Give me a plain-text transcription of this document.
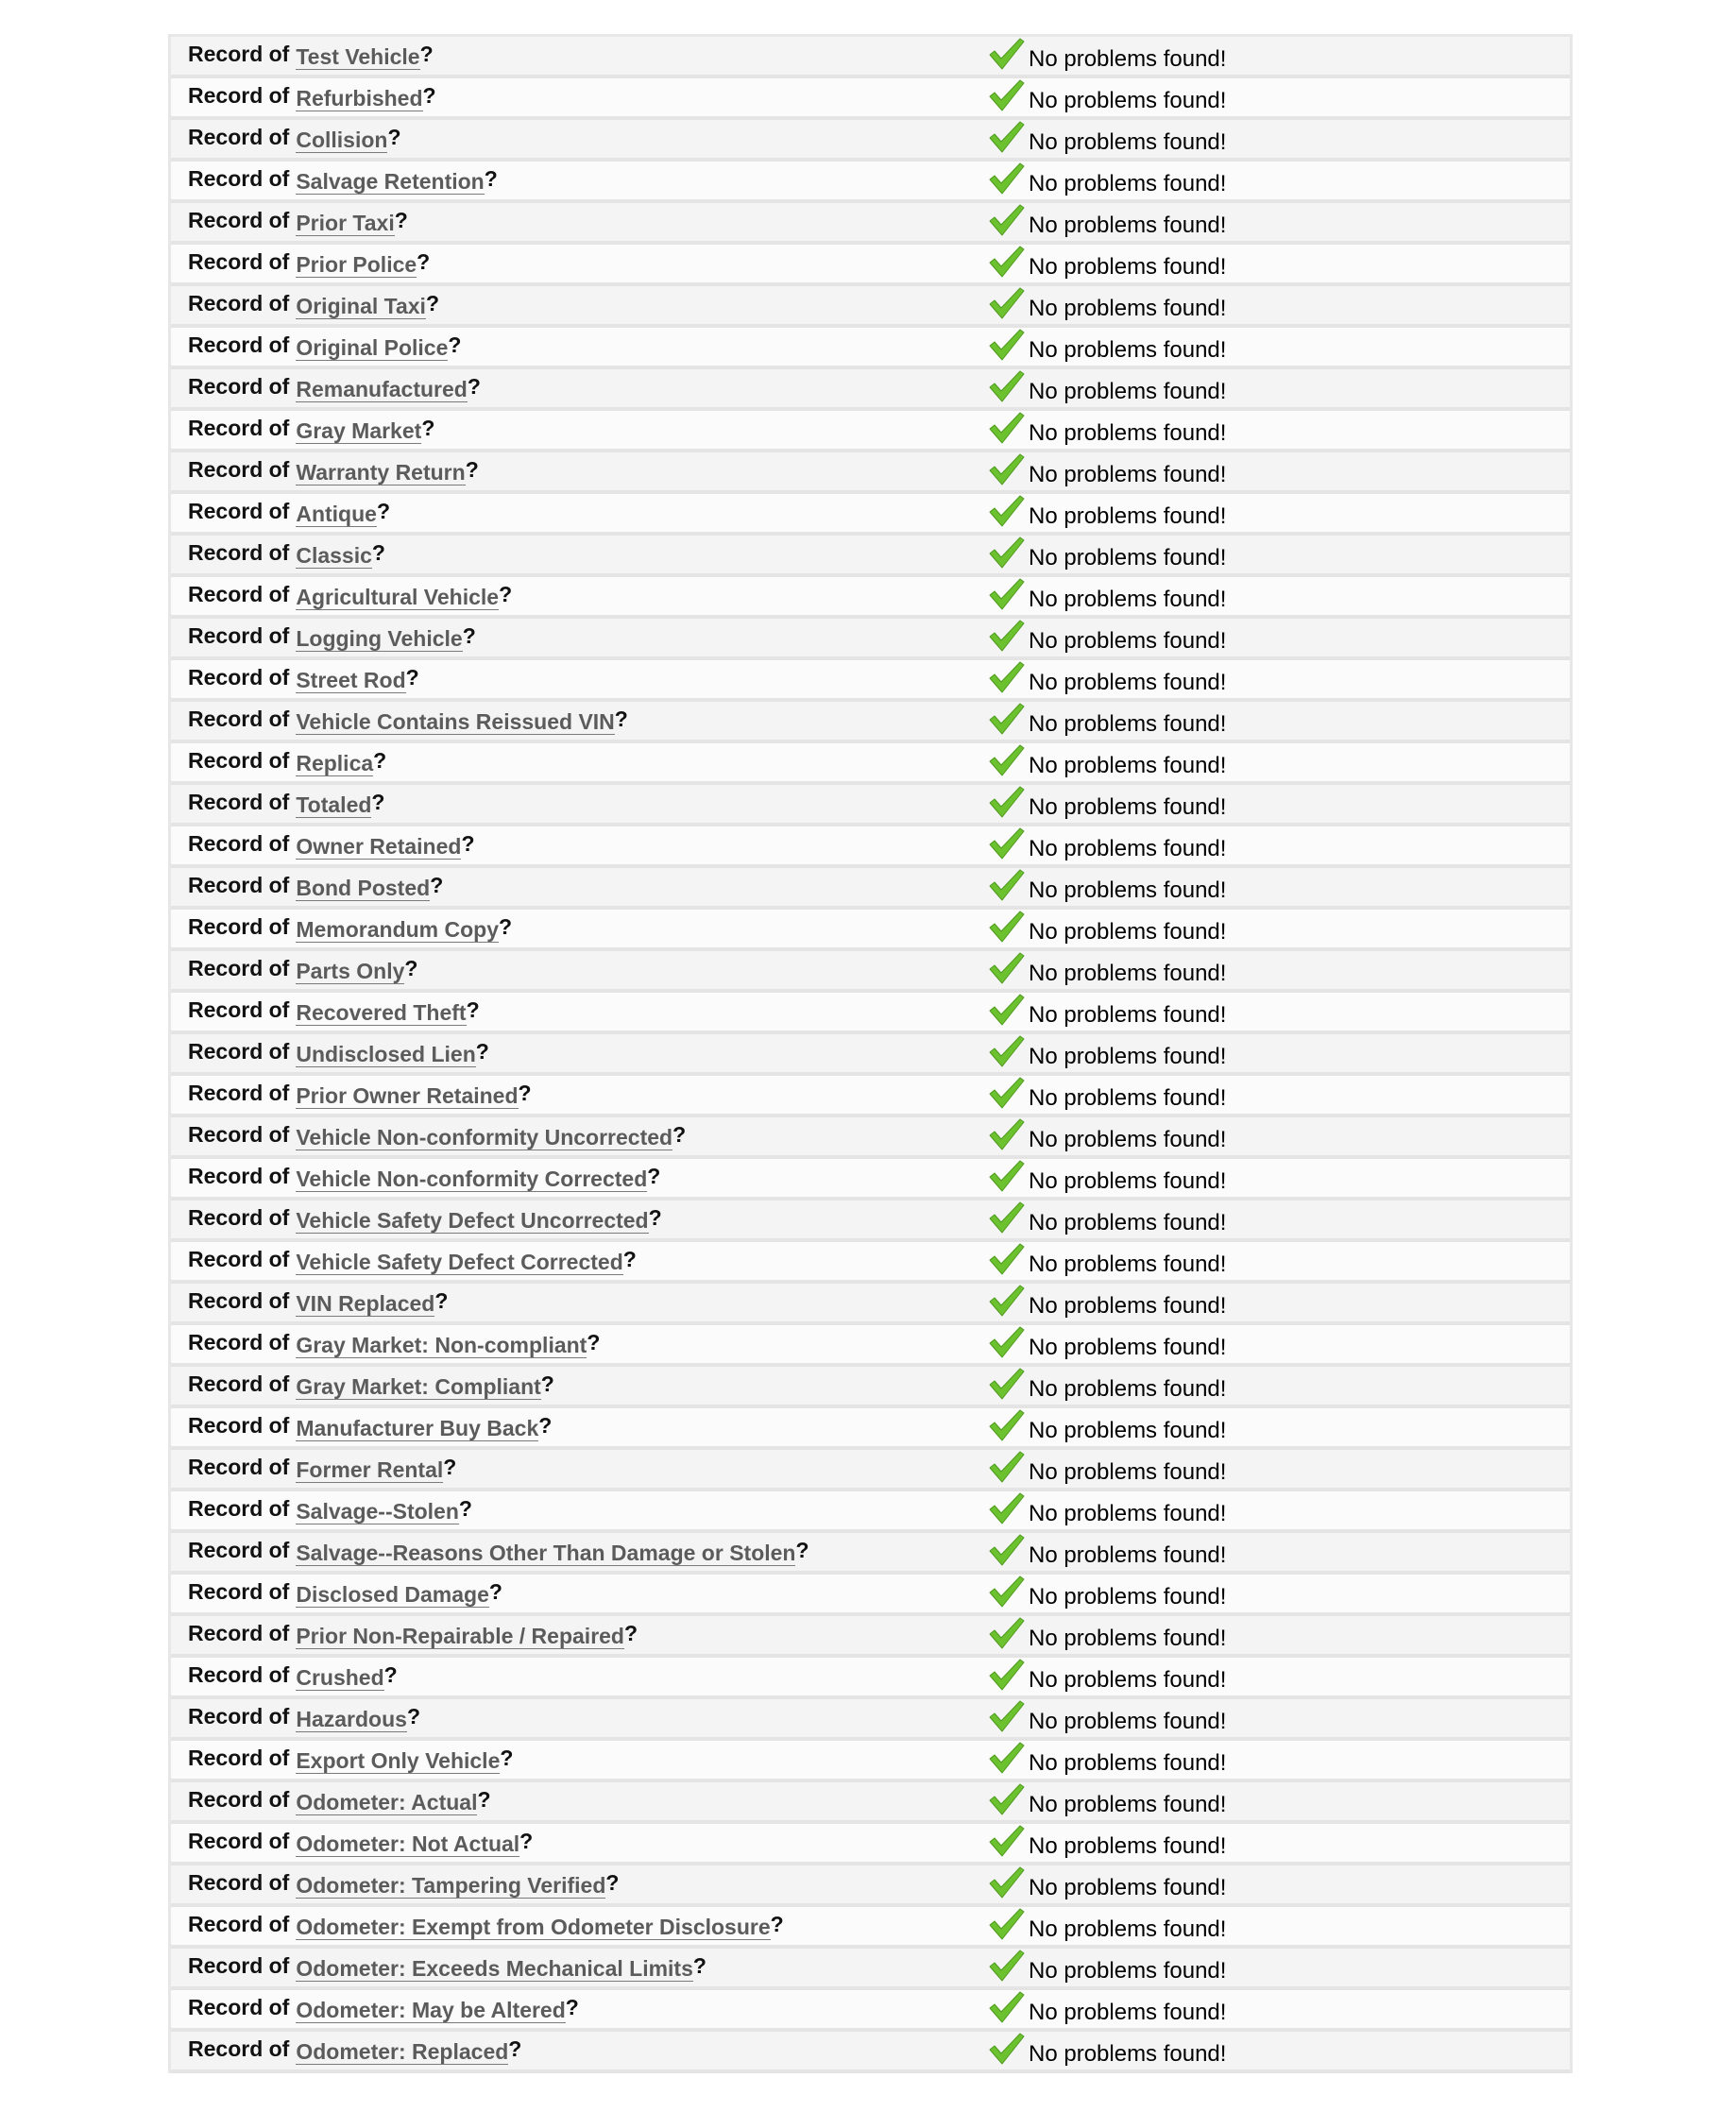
Record of Test Vehicle?	No problems found!
Record of Refurbished?	No problems found!
Record of Collision?	No problems found!
Record of Salvage Retention?	No problems found!
Record of Prior Taxi?	No problems found!
Record of Prior Police?	No problems found!
Record of Original Taxi?	No problems found!
Record of Original Police?	No problems found!
Record of Remanufactured?	No problems found!
Record of Gray Market?	No problems found!
Record of Warranty Return?	No problems found!
Record of Antique?	No problems found!
Record of Classic?	No problems found!
Record of Agricultural Vehicle?	No problems found!
Record of Logging Vehicle?	No problems found!
Record of Street Rod?	No problems found!
Record of Vehicle Contains Reissued VIN?	No problems found!
Record of Replica?	No problems found!
Record of Totaled?	No problems found!
Record of Owner Retained?	No problems found!
Record of Bond Posted?	No problems found!
Record of Memorandum Copy?	No problems found!
Record of Parts Only?	No problems found!
Record of Recovered Theft?	No problems found!
Record of Undisclosed Lien?	No problems found!
Record of Prior Owner Retained?	No problems found!
Record of Vehicle Non-conformity Uncorrected?	No problems found!
Record of Vehicle Non-conformity Corrected?	No problems found!
Record of Vehicle Safety Defect Uncorrected?	No problems found!
Record of Vehicle Safety Defect Corrected?	No problems found!
Record of VIN Replaced?	No problems found!
Record of Gray Market: Non-compliant?	No problems found!
Record of Gray Market: Compliant?	No problems found!
Record of Manufacturer Buy Back?	No problems found!
Record of Former Rental?	No problems found!
Record of Salvage--Stolen?	No problems found!
Record of Salvage--Reasons Other Than Damage or Stolen?	No problems found!
Record of Disclosed Damage?	No problems found!
Record of Prior Non-Repairable / Repaired?	No problems found!
Record of Crushed?	No problems found!
Record of Hazardous?	No problems found!
Record of Export Only Vehicle?	No problems found!
Record of Odometer: Actual?	No problems found!
Record of Odometer: Not Actual?	No problems found!
Record of Odometer: Tampering Verified?	No problems found!
Record of Odometer: Exempt from Odometer Disclosure?	No problems found!
Record of Odometer: Exceeds Mechanical Limits?	No problems found!
Record of Odometer: May be Altered?	No problems found!
Record of Odometer: Replaced?	No problems found!
